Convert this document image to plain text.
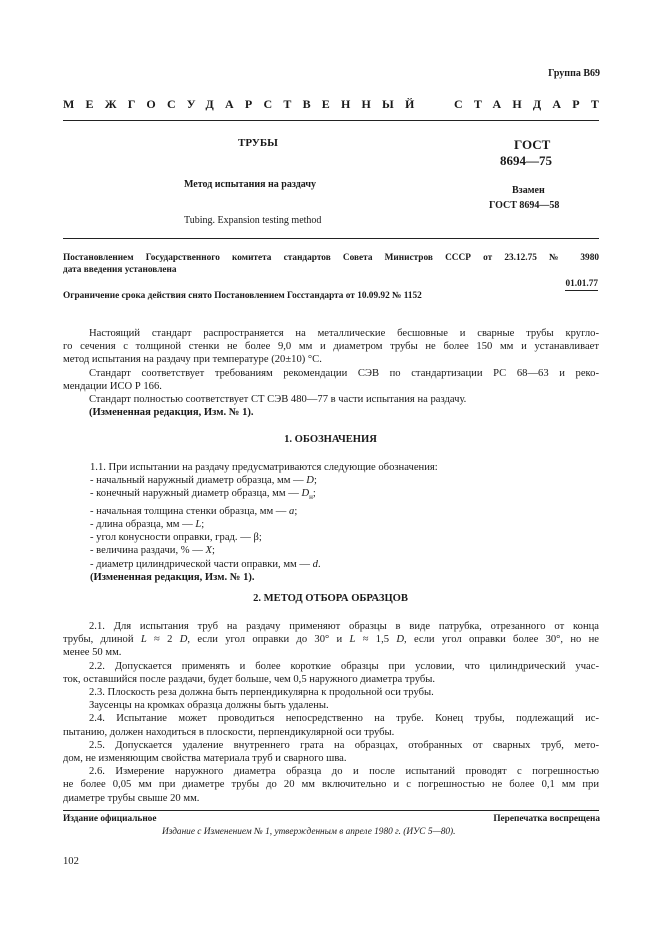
Группа В69
МЕЖГОСУДАРСТВЕННЫЙ СТАНДАРТ
ТРУБЫ	ГОСТ
8694—75
Метод испытания на раздачу
Взамен
ГОСТ 8694—58
Tubing. Expansion testing method
Постановлением Государственного комитета стандартов Совета Министров СССР от 23.12.75 № 3980
дата введения установлена
01.01.77
Ограничение срока действия снято Постановлением Госстандарта от 10.09.92 № 1152
Настоящий стандарт распространяется на металлические бесшовные и сварные трубы кругло-
го сечения с толщиной стенки не более 9,0 мм и диаметром трубы не более 150 мм и устанавливает
метод испытания на раздачу при температуре (20±10) °С.
Стандарт соответствует требованиям рекомендации СЭВ по стандартизации РС 68—63 и реко-
мендации ИСО Р 166.
Стандарт полностью соответствует СТ СЭВ 480—77 в части испытания на раздачу.
(Измененная редакция, Изм. № 1).
1. ОБОЗНАЧЕНИЯ
1.1. При испытании на раздачу предусматриваются следующие обозначения:
- начальный наружный диаметр образца, мм — D;
- конечный наружный диаметр образца, мм — $D_н$;
- начальная толщина стенки образца, мм — a;
- длина образца, мм — L;
- угол конусности оправки, град. — β;
- величина раздачи, % — X;
- диаметр цилиндрической части оправки, мм — d.
(Измененная редакция, Изм. № 1).
2. МЕТОД ОТБОРА ОБРАЗЦОВ
2.1. Для испытания труб на раздачу применяют образцы в виде патрубка, отрезанного от конца
трубы, длиной L ≈ 2 D, если угол оправки до 30° и L ≈ 1,5 D, если угол оправки более 30°, но не
менее 50 мм.
2.2. Допускается применять и более короткие образцы при условии, что цилиндрический учас-
ток, оставшийся после раздачи, будет больше, чем 0,5 наружного диаметра трубы.
2.3. Плоскость реза должна быть перпендикулярна к продольной оси трубы.
Заусенцы на кромках образца должны быть удалены.
2.4. Испытание может проводиться непосредственно на трубе. Конец трубы, подлежащий ис-
пытанию, должен находиться в плоскости, перпендикулярной оси трубы.
2.5. Допускается удаление внутреннего грата на образцах, отобранных от сварных труб, мето-
дом, не изменяющим свойства материала труб и сварного шва.
2.6. Измерение наружного диаметра образца до и после испытаний проводят с погрешностью
не более 0,05 мм при диаметре трубы до 20 мм включительно и с погрешностью не более 0,1 мм при
диаметре трубы свыше 20 мм.
Издание официальное	Перепечатка воспрещена
Издание с Изменением № 1, утвержденным в апреле 1980 г. (ИУС 5—80).
102
